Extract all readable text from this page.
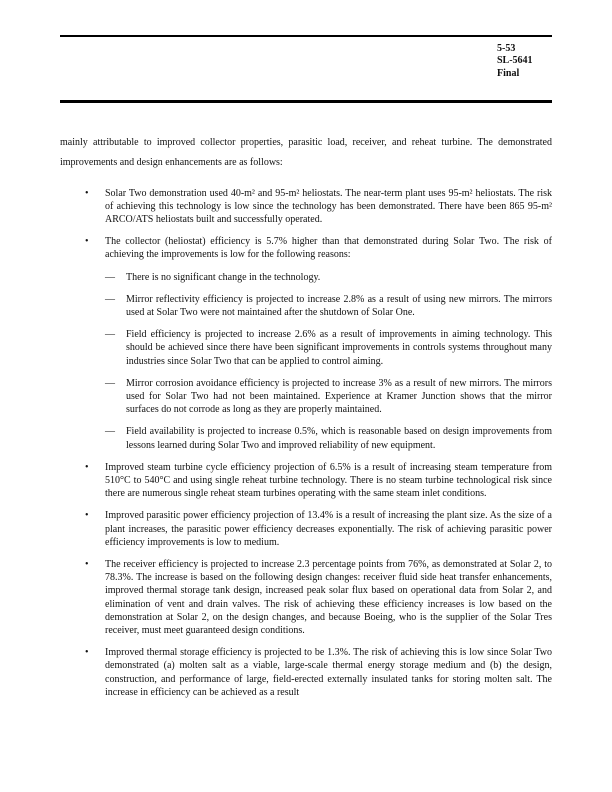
5-53
SL-5641
Final

mainly attributable to improved collector properties, parasitic load, receiver, and reheat turbine. The demonstrated improvements and design enhancements are as follows:

•	Solar Two demonstration used 40-m² and 95-m² heliostats. The near-term plant uses 95-m² heliostats. The risk of achieving this technology is low since the technology has been demonstrated. There have been 865 95-m² ARCO/ATS heliostats built and successfully operated.
•	The collector (heliostat) efficiency is 5.7% higher than that demonstrated during Solar Two. The risk of achieving the improvements is low for the following reasons:
—	There is no significant change in the technology.
—	Mirror reflectivity efficiency is projected to increase 2.8% as a result of using new mirrors. The mirrors used at Solar Two were not maintained after the shutdown of Solar One.
—	Field efficiency is projected to increase 2.6% as a result of improvements in aiming technology. This should be achieved since there have been significant improvements in controls systems throughout many industries since Solar Two that can be applied to control aiming.
—	Mirror corrosion avoidance efficiency is projected to increase 3% as a result of new mirrors. The mirrors used for Solar Two had not been maintained. Experience at Kramer Junction shows that the mirror surfaces do not corrode as long as they are properly maintained.
—	Field availability is projected to increase 0.5%, which is reasonable based on design improvements from lessons learned during Solar Two and improved reliability of new equipment.
•	Improved steam turbine cycle efficiency projection of 6.5% is a result of increasing steam temperature from 510°C to 540°C and using single reheat turbine technology. There is no steam turbine technological risk since there are numerous single reheat steam turbines operating with the same steam inlet conditions.
•	Improved parasitic power efficiency projection of 13.4% is a result of increasing the plant size. As the size of a plant increases, the parasitic power efficiency decreases exponentially. The risk of achieving parasitic power efficiency improvements is low to medium.
•	The receiver efficiency is projected to increase 2.3 percentage points from 76%, as demonstrated at Solar 2, to 78.3%. The increase is based on the following design changes: receiver fluid side heat transfer enhancements, improved thermal storage tank design, increased peak solar flux based on operational data from Solar 2, and elimination of vent and drain valves. The risk of achieving these efficiency increases is low based on the demonstration at Solar 2, on the design changes, and because Boeing, who is the supplier of the Solar Tres receiver, must meet guaranteed design conditions.
•	Improved thermal storage efficiency is projected to be 1.3%. The risk of achieving this is low since Solar Two demonstrated (a) molten salt as a viable, large-scale thermal energy storage medium and (b) the design, construction, and performance of large, field-erected externally insulated tanks for storing molten salt. The increase in efficiency can be achieved as a result
